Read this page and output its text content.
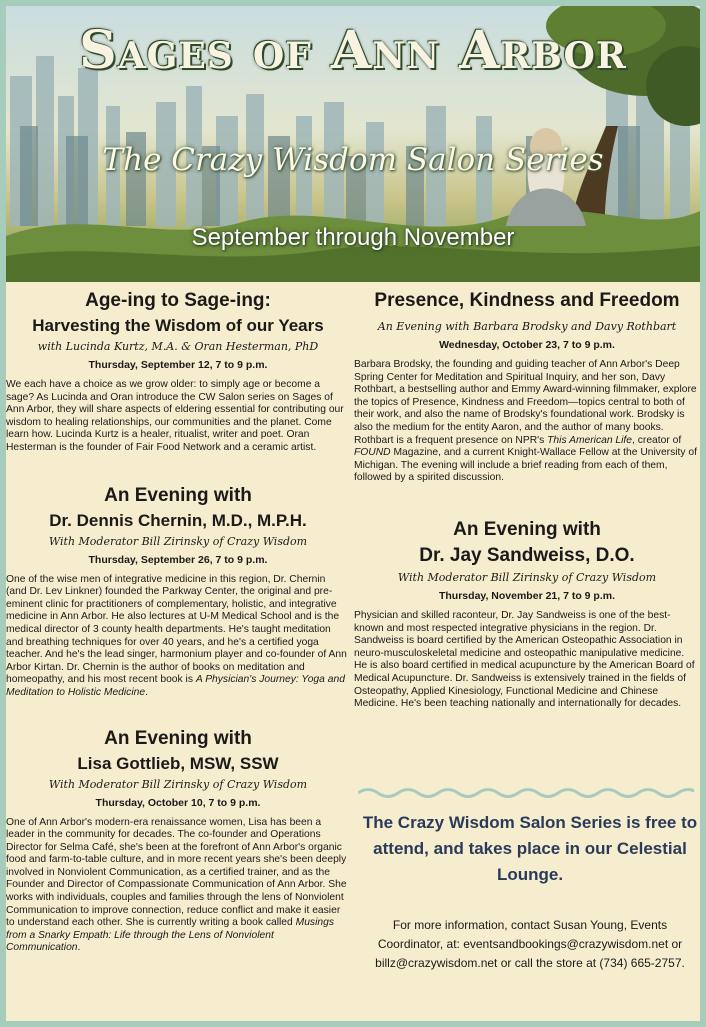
Sages of Ann Arbor
The Crazy Wisdom Salon Series
September through November

Age-ing to Sage-ing:

Harvesting the Wisdom of our Years

with Lucinda Kurtz, M.A. & Oran Hesterman, PhD

Thursday, September 12, 7 to 9 p.m.

We each have a choice as we grow older: to simply age or become a sage? As Lucinda and Oran introduce the CW Salon series on Sages of Ann Arbor, they will share aspects of eldering essential for contributing our wisdom to healing relationships, our communities and the planet. Come learn how. Lucinda Kurtz is a healer, ritualist, writer and poet. Oran Hesterman is the founder of Fair Food Network and a ceramic artist.

An Evening with

Dr. Dennis Chernin, M.D., M.P.H.

With Moderator Bill Zirinsky of Crazy Wisdom

Thursday, September 26, 7 to 9 p.m.

One of the wise men of integrative medicine in this region, Dr. Chernin (and Dr. Lev Linkner) founded the Parkway Center, the original and pre-eminent clinic for practitioners of complementary, holistic, and integrative medicine in Ann Arbor. He also lectures at U-M Medical School and is the medical director of 3 county health departments. He's taught meditation and breathing techniques for over 40 years, and he's a certified yoga teacher. And he's the lead singer, harmonium player and co-founder of Ann Arbor Kirtan. Dr. Chernin is the author of books on meditation and homeopathy, and his most recent book is A Physician's Journey: Yoga and Meditation to Holistic Medicine.

An Evening with

Lisa Gottlieb, MSW, SSW

With Moderator Bill Zirinsky of Crazy Wisdom

Thursday, October 10, 7 to 9 p.m.

One of Ann Arbor's modern-era renaissance women, Lisa has been a leader in the community for decades. The co-founder and Operations Director for Selma Café, she's been at the forefront of Ann Arbor's organic food and farm-to-table culture, and in more recent years she's been deeply involved in Nonviolent Communication, as a certified trainer, and as the Founder and Director of Compassionate Communication of Ann Arbor. She works with individuals, couples and families through the lens of Nonviolent Communication to improve connection, reduce conflict and make it easier to understand each other. She is currently writing a book called Musings from a Snarky Empath: Life through the Lens of Nonviolent Communication.

Presence, Kindness and Freedom

An Evening with Barbara Brodsky and Davy Rothbart

Wednesday, October 23, 7 to 9 p.m.

Barbara Brodsky, the founding and guiding teacher of Ann Arbor's Deep Spring Center for Meditation and Spiritual Inquiry, and her son, Davy Rothbart, a bestselling author and Emmy Award-winning filmmaker, explore the topics of Presence, Kindness and Freedom—topics central to both of their work, and also the name of Brodsky's foundational work. Brodsky is also the medium for the entity Aaron, and the author of many books. Rothbart is a frequent presence on NPR's This American Life, creator of FOUND Magazine, and a current Knight-Wallace Fellow at the University of Michigan. The evening will include a brief reading from each of them, followed by a spirited discussion.

An Evening with

Dr. Jay Sandweiss, D.O.

With Moderator Bill Zirinsky of Crazy Wisdom

Thursday, November 21, 7 to 9 p.m.

Physician and skilled raconteur, Dr. Jay Sandweiss is one of the best-known and most respected integrative physicians in the region. Dr. Sandweiss is board certified by the American Osteopathic Association in neuro-musculoskeletal medicine and osteopathic manipulative medicine. He is also board certified in medical acupuncture by the American Board of Medical Acupuncture. Dr. Sandweiss is extensively trained in the fields of Osteopathy, Applied Kinesiology, Functional Medicine and Chinese Medicine. He's been teaching nationally and internationally for decades.

The Crazy Wisdom Salon Series is free to attend, and takes place in our Celestial Lounge.
For more information, contact Susan Young, Events Coordinator, at: eventsandbookings@crazywisdom.net or billz@crazywisdom.net or call the store at (734) 665-2757.
